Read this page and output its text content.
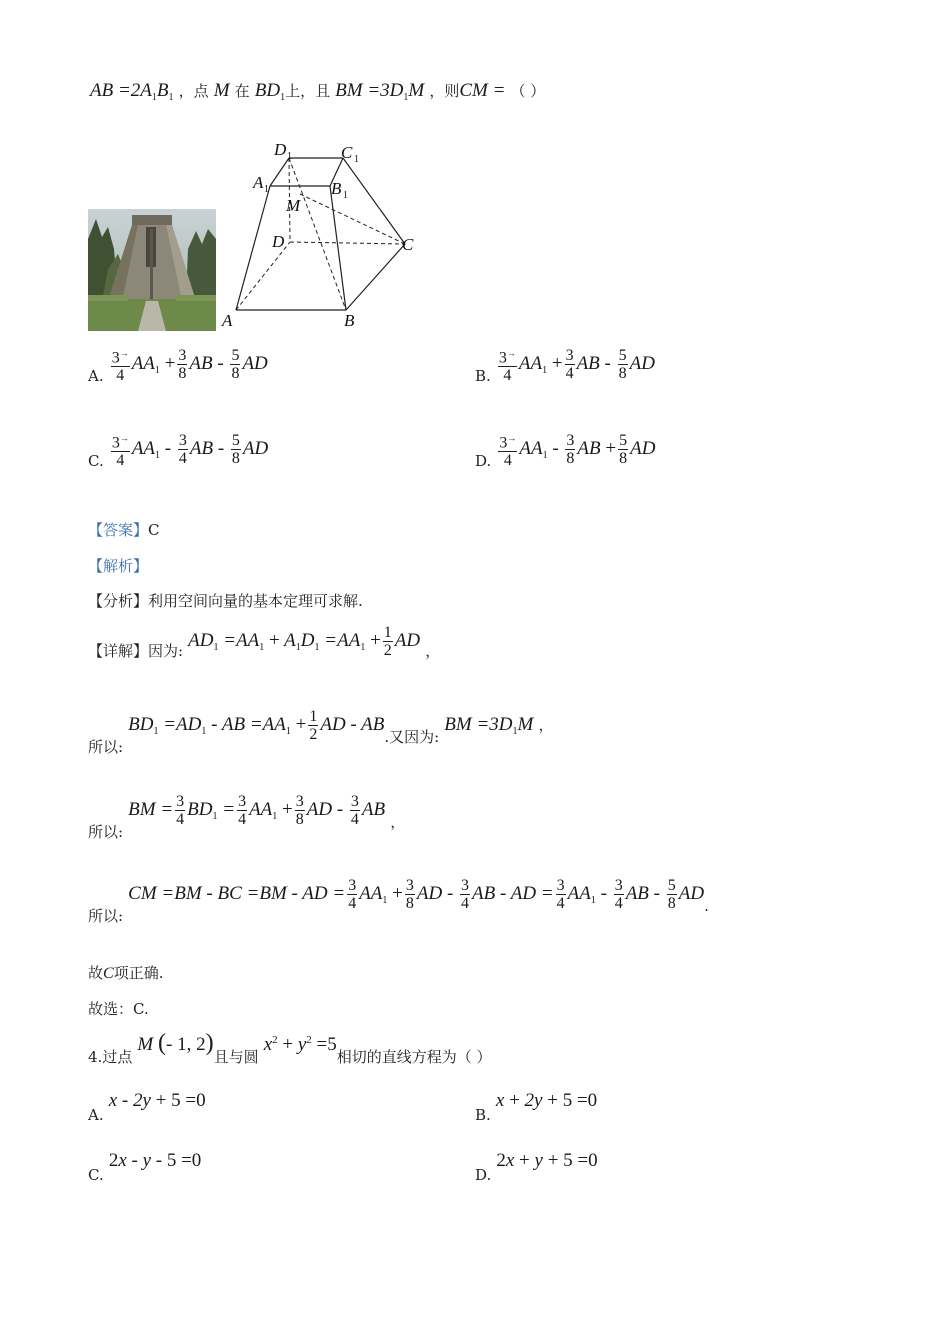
AB $=2A_1B_1$ ，点 M 在 $BD_1$上，且 BM $=3D_1M$ ，则CM = （ ）
A	B
C
D
A 1	B 1
C 1
D 1
M
A. $\frac{3^\to}{4} AA_1 + \frac{3}{8}$ AB - $\frac{5}{8}$ AD
B. $\frac{3^\to}{4} AA_1 + \frac{3}{4}$ AB - $\frac{5}{8}$ AD
C. $\frac{3^\to}{4} AA_1 - \frac{3}{4}$ AB - $\frac{5}{8}$ AD
D. $\frac{3^\to}{4} AA_1 - \frac{3}{8}$ AB + $\frac{5}{8}$ AD
【答案】C
【解析】
【分析】利用空间向量的基本定理可求解.
【详解】因为: $AD_1 =AA_1 + A_1D_1 =AA_1 + \frac{1}{2}$ AD ，
所以: $BD_1 =AD_1$ - AB $=AA_1 + \frac{1}{2}$ AD - AB.又因为: BM $=3D_1M$ ，
所以: BM = $\frac{3}{4} BD_1 = \frac{3}{4} AA_1 + \frac{3}{8}$ AD - $\frac{3}{4}$ AB ，
所以: CM =BM - BC =BM - AD = $\frac{3}{4} AA_1 + \frac{3}{8}$ AD - $\frac{3}{4}$ AB - AD = $\frac{3}{4} AA_1 - \frac{3}{4}$ AB - $\frac{5}{8}$ AD.
故C项正确.
故选：C.
4.过点 M (- 1, 2)且与圆 $x^2 + y^2 =5$相切的直线方程为（ ）
A. x - 2y + 5 =0
B. x + 2y + 5 =0
C. 2x - y - 5 =0
D. 2x + y + 5 =0
